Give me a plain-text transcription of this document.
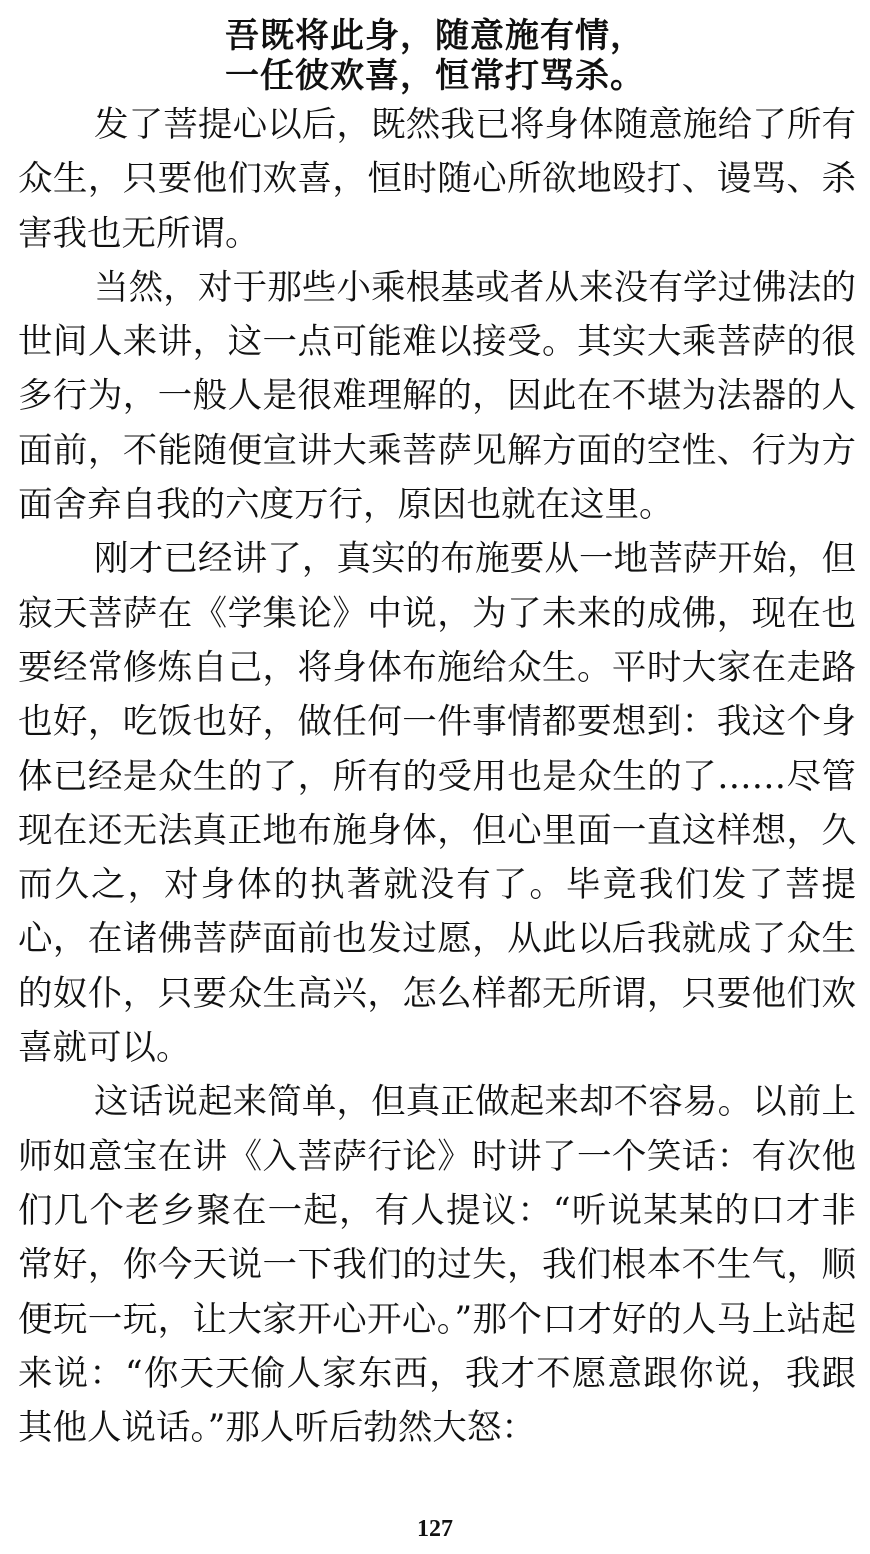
吾既将此身，随意施有情，
一任彼欢喜，恒常打骂杀。

发了菩提心以后，既然我已将身体随意施给了所有众生，只要他们欢喜，恒时随心所欲地殴打、谩骂、杀害我也无所谓。

当然，对于那些小乘根基或者从来没有学过佛法的世间人来讲，这一点可能难以接受。其实大乘菩萨的很多行为，一般人是很难理解的，因此在不堪为法器的人面前，不能随便宣讲大乘菩萨见解方面的空性、行为方面舍弃自我的六度万行，原因也就在这里。

刚才已经讲了，真实的布施要从一地菩萨开始，但寂天菩萨在《学集论》中说，为了未来的成佛，现在也要经常修炼自己，将身体布施给众生。平时大家在走路也好，吃饭也好，做任何一件事情都要想到：我这个身体已经是众生的了，所有的受用也是众生的了……尽管现在还无法真正地布施身体，但心里面一直这样想，久而久之，对身体的执著就没有了。毕竟我们发了菩提心，在诸佛菩萨面前也发过愿，从此以后我就成了众生的奴仆，只要众生高兴，怎么样都无所谓，只要他们欢喜就可以。

这话说起来简单，但真正做起来却不容易。以前上师如意宝在讲《入菩萨行论》时讲了一个笑话：有次他们几个老乡聚在一起，有人提议：“听说某某的口才非常好，你今天说一下我们的过失，我们根本不生气，顺便玩一玩，让大家开心开心。”那个口才好的人马上站起来说：“你天天偷人家东西，我才不愿意跟你说，我跟其他人说话。”那人听后勃然大怒：

127
